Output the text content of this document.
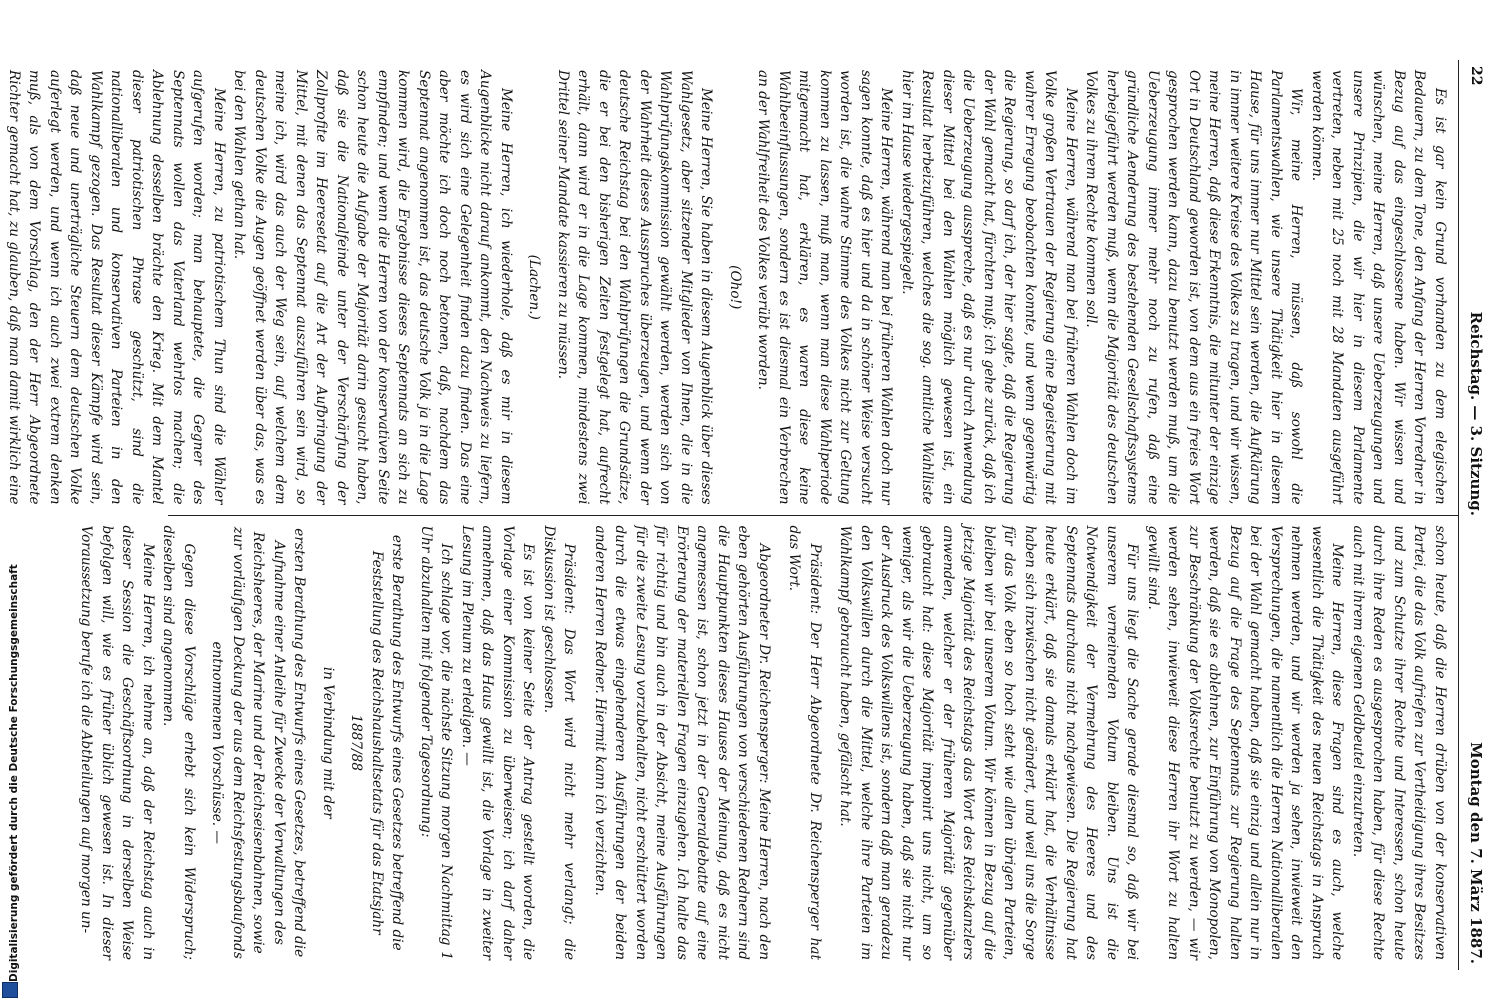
22
Reichstag. — 3. Sitzung.
Montag den 7. März 1887.

Es ist gar kein Grund vorhanden zu dem elegischen Bedauern, zu dem Tone, den Anfang der Herren Vorredner in Bezug auf das eingeschlossene haben. Wir wissen und wünschen, meine Herren, daß unsere Ueberzeugungen und unsere Prinzipien, die wir hier in diesem Parlamente vertreten, neben mit 25 noch mit 28 Mandaten ausgeführt werden können.

Wir, meine Herren, müssen, daß sowohl die Parlamentswahlen, wie unsere Thätigkeit hier in diesem Hause, für uns immer nur Mittel sein werden, die Aufklärung in immer weitere Kreise des Volkes zu tragen, und wir wissen, meine Herren, daß diese Erkenntnis, die mitunter der einzige Ort in Deutschland geworden ist, von dem aus ein freies Wort gesprochen werden kann, dazu benutzt werden muß, um die Ueberzeugung immer mehr noch zu rufen, daß eine gründliche Aenderung des bestehenden Gesellschaftssystems herbeigeführt werden muß, wenn die Majorität des deutschen Volkes zu ihrem Rechte kommen soll.

Meine Herren, während man bei früheren Wahlen doch im Volke großen Vertrauen der Regierung eine Begeisterung mit wahrer Erregung beobachten konnte, und wenn gegenwärtig die Regierung, so darf ich, der hier sagte, daß die Regierung der Wahl gemacht hat, fürchten muß; ich gehe zurück, daß ich die Ueberzeugung ausspreche, daß es nur durch Anwendung dieser Mittel bei den Wahlen möglich gewesen ist, ein Resultat herbeizuführen, welches die sog. amtliche Wahlliste hier im Hause wiedergespiegelt.

Meine Herren, während man bei früheren Wahlen doch nur sagen konnte, daß es hier und da in schöner Weise versucht worden ist, die wahre Stimme des Volkes nicht zur Geltung kommen zu lassen, muß man, wenn man diese Wahlperiode mitgemacht hat, erklären, es waren diese keine Wahlbeeinflussungen, sondern es ist diesmal ein Verbrechen an der Wahlfreiheit des Volkes verübt worden.

(Oho!)

Meine Herren, Sie haben in diesem Augenblick über dieses Wahlgesetz, aber sitzender Mitglieder von Ihnen, die in die Wahlprüfungskommission gewählt werden, werden sich von der Wahrheit dieses Ausspruches überzeugen, und wenn der deutsche Reichstag bei den Wahlprüfungen die Grundsätze, die er bei den bisherigen Zeiten festgelegt hat, aufrecht erhält, dann wird er in die Lage kommen, mindestens zwei Drittel seiner Mandate kassieren zu müssen.

(Lachen.)

Meine Herren, ich wiederhole, daß es mir in diesem Augenblicke nicht darauf ankommt, den Nachweis zu liefern, es wird sich eine Gelegenheit finden dazu finden. Das eine aber möchte ich doch noch betonen, daß, nachdem das Septennat angenommen ist, das deutsche Volk ja in die Lage kommen wird, die Ergebnisse dieses Septennats an sich zu empfinden; und wenn die Herren von der konservativen Seite schon heute die Aufgabe der Majorität darin gesucht haben, daß sie die Nationalfeinde unter der Verschärfung der Zollprofite im Heeresetat auf die Art der Aufbringung der Mittel, mit denen das Septennat auszuführen sein wird, so meine ich, wird das auch der Weg sein, auf welchem dem deutschen Volke die Augen geöffnet werden über das, was es bei den Wahlen gethan hat.

Meine Herren, zu patriotischem Thun sind die Wähler aufgerufen worden; man behauptete, die Gegner des Septennats wollen das Vaterland wehrlos machen; die Ablehnung desselben brächte den Krieg. Mit dem Mantel dieser patriotischen Phrase geschützt, sind die nationalliberalen und konservativen Parteien in den Wahlkampf gezogen. Das Resultat dieser Kämpfe wird sein, daß neue und unerträgliche Steuern dem deutschen Volke auferlegt werden, und wenn ich auch zwei extrem denken muß, als von dem Vorschlag, den der Herr Abgeordnete Richter gemacht hat, zu glauben, daß man damit wirklich eine

schon heute, daß die Herren drüben von der konservativen Partei, die das Volk aufriefen zur Vertheidigung ihres Besitzes und zum Schutze ihrer Rechte und Interessen, schon heute durch ihre Reden es ausgesprochen haben, für diese Rechte auch mit ihrem eigenen Geldbeutel einzutreten.

Meine Herren, diese Fragen sind es auch, welche wesentlich die Thätigkeit des neuen Reichstags in Anspruch nehmen werden, und wir werden ja sehen, inwieweit den Versprechungen, die namentlich die Herren Nationalliberalen bei der Wahl gemacht haben, daß sie einzig und allein nur in Bezug auf die Frage des Septennats zur Regierung halten werden, daß sie es ablehnen, zur Einführung von Monopolen, zur Beschränkung der Volksrechte benutzt zu werden, — wir werden sehen, inwieweit diese Herren ihr Wort zu halten gewillt sind.

Für uns liegt die Sache gerade diesmal so, daß wir bei unserem verneinenden Votum bleiben. Uns ist die Notwendigkeit der Vermehrung des Heeres und des Septennats durchaus nicht nachgewiesen. Die Regierung hat heute erklärt, daß sie damals erklärt hat, die Verhältnisse haben sich inzwischen nicht geändert, und weil uns die Sorge für das Volk eben so hoch steht wie allen übrigen Parteien, bleiben wir bei unserem Votum. Wir können in Bezug auf die jetzige Majorität des Reichstags das Wort des Reichskanzlers anwenden, welcher er der früheren Majorität gegenüber gebraucht hat: diese Majorität imponirt uns nicht, um so weniger, als wir die Ueberzeugung haben, daß sie nicht nur der Ausdruck des Volkswillens ist, sondern daß man geradezu den Volkswillen durch die Mittel, welche ihre Parteien im Wahlkampf gebraucht haben, gefälscht hat.

Präsident: Der Herr Abgeordnete Dr. Reichensperger hat das Wort.

Abgeordneter Dr. Reichensperger: Meine Herren, nach den eben gehörten Ausführungen von verschiedenen Rednern sind die Hauptpunkten dieses Hauses der Meinung, daß es nicht angemessen ist, schon jetzt in der Generaldebatte auf eine Erörterung der materiellen Fragen einzugehen. Ich halte das für richtig und bin auch in der Absicht, meine Ausführungen für die zweite Lesung vorzubehalten, nicht erschüttert worden durch die etwas eingehenderen Ausführungen der beiden anderen Herren Redner. Hiermit kann ich verzichten.

Präsident: Das Wort wird nicht mehr verlangt; die Diskussion ist geschlossen.

Es ist von keiner Seite der Antrag gestellt worden, die Vorlage einer Kommission zu überweisen; ich darf daher annehmen, daß das Haus gewillt ist, die Vorlage in zweiter Lesung im Plenum zu erledigen. —

Ich schlage vor, die nächste Sitzung morgen Nachmittag 1 Uhr abzuhalten mit folgender Tagesordnung:

erste Berathung des Entwurfs eines Gesetzes betreffend die Feststellung des Reichshaushaltsetats für das Etatsjahr 1887/88

in Verbindung mit der

ersten Berathung des Entwurfs eines Gesetzes, betreffend die Aufnahme einer Anleihe für Zwecke der Verwaltungen des Reichsheeres, der Marine und der Reichseisenbahnen, sowie zur vorläufigen Deckung der aus dem Reichsfestungsbaufonds entnommenen Vorschüsse. —

Gegen diese Vorschläge erhebt sich kein Widerspruch; dieselben sind angenommen.

Meine Herren, ich nehme an, daß der Reichstag auch in dieser Session die Geschäftsordnung in derselben Weise befolgen will, wie es früher üblich gewesen ist. In dieser Voraussetzung berufe ich die Abtheilungen auf morgen un-

Digitalisierung gefördert durch die Deutsche Forschungsgemeinschaft
